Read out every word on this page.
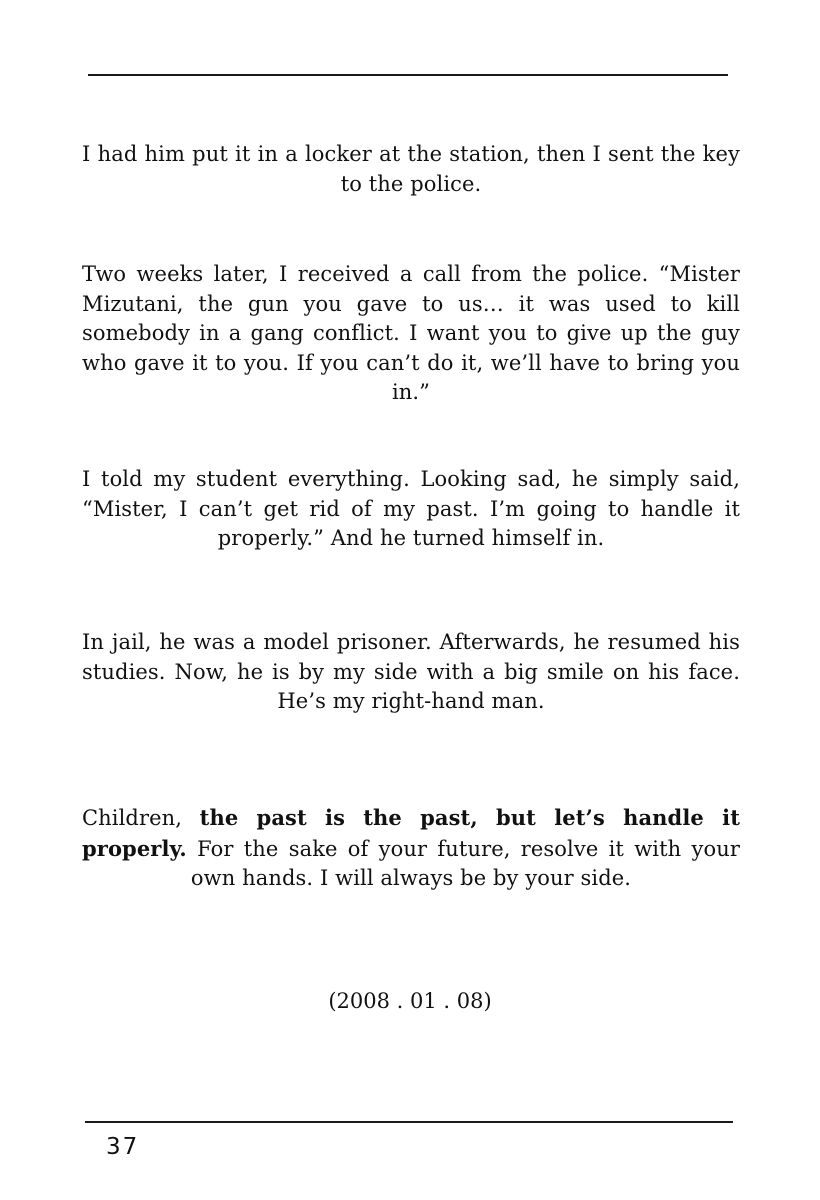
I had him put it in a locker at the station, then I sent the key to the police.

Two weeks later, I received a call from the police. “Mister Mizutani, the gun you gave to us… it was used to kill somebody in a gang conflict. I want you to give up the guy who gave it to you. If you can’t do it, we’ll have to bring you in.”

I told my student everything. Looking sad, he simply said, “Mister, I can’t get rid of my past. I’m going to handle it properly.” And he turned himself in.

In jail, he was a model prisoner. Afterwards, he resumed his studies. Now, he is by my side with a big smile on his face. He’s my right-hand man.

Children, the past is the past, but let’s handle it properly. For the sake of your future, resolve it with your own hands. I will always be by your side.

(2008 . 01 . 08)
37
